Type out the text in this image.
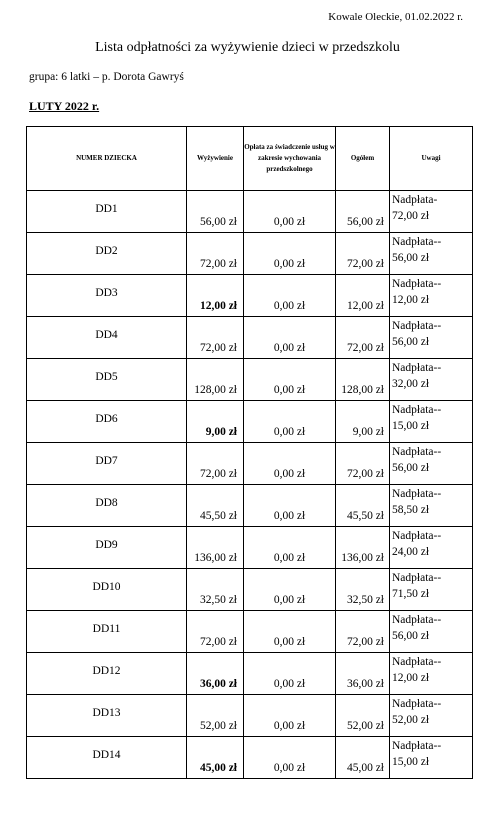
Kowale Oleckie, 01.02.2022 r.
Lista odpłatności za wyżywienie dzieci w przedszkolu
grupa: 6 latki – p. Dorota Gawryś
LUTY 2022 r.
NUMER DZIECKA	Wyżywienie	Opłata za świadczenie usług w zakresie wychowania przedszkolnego	Ogółem	Uwagi
DD1	56,00 zł	0,00 zł	56,00 zł	Nadpłata-
72,00 zł

DD2	72,00 zł	0,00 zł	72,00 zł	Nadpłata--
56,00 zł

DD3	12,00 zł	0,00 zł	12,00 zł	Nadpłata--
12,00 zł

DD4	72,00 zł	0,00 zł	72,00 zł	Nadpłata--
56,00 zł

DD5	128,00 zł	0,00 zł	128,00 zł	Nadpłata--
32,00 zł

DD6	9,00 zł	0,00 zł	9,00 zł	Nadpłata--
15,00 zł

DD7	72,00 zł	0,00 zł	72,00 zł	Nadpłata--
56,00 zł

DD8	45,50 zł	0,00 zł	45,50 zł	Nadpłata--
58,50 zł

DD9	136,00 zł	0,00 zł	136,00 zł	Nadpłata--
24,00 zł

DD10	32,50 zł	0,00 zł	32,50 zł	Nadpłata--
71,50 zł

DD11	72,00 zł	0,00 zł	72,00 zł	Nadpłata--
56,00 zł

DD12	36,00 zł	0,00 zł	36,00 zł	Nadpłata--
12,00 zł

DD13	52,00 zł	0,00 zł	52,00 zł	Nadpłata--
52,00 zł

DD14	45,00 zł	0,00 zł	45,00 zł	Nadpłata--
15,00 zł
